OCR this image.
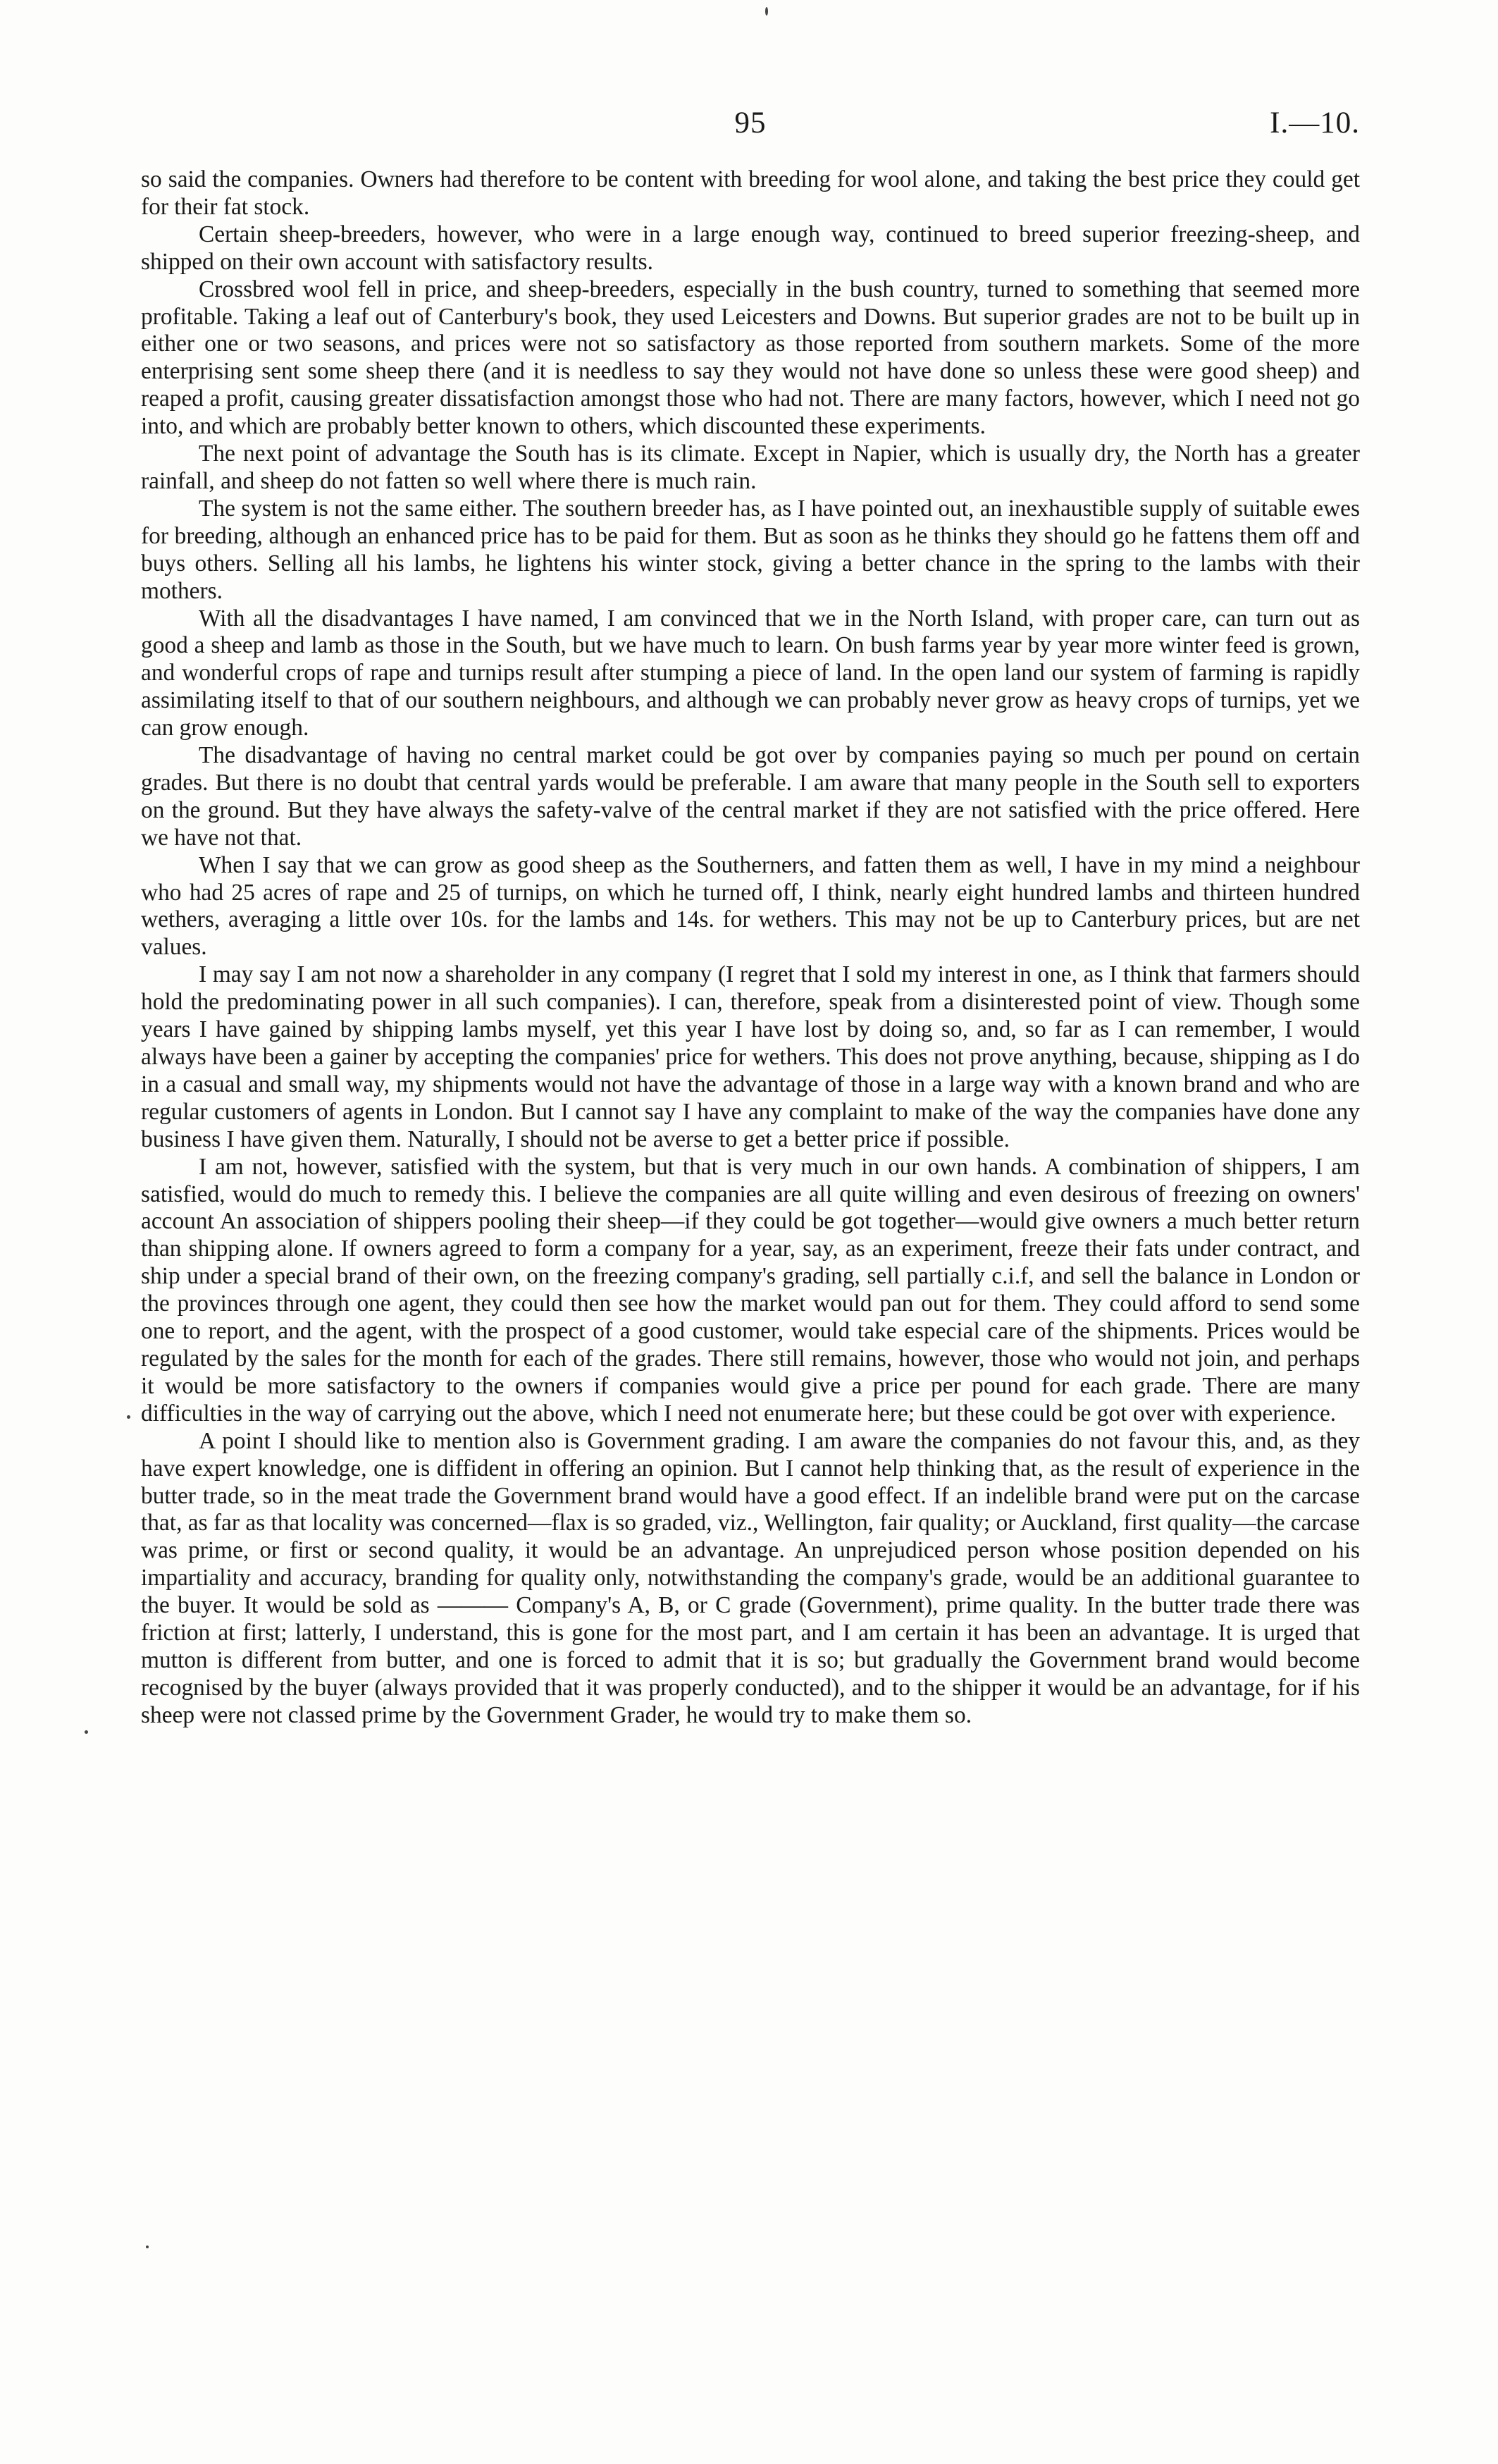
95	I.—10.

so said the companies. Owners had therefore to be content with breeding for wool alone, and taking the best price they could get for their fat stock.

Certain sheep-breeders, however, who were in a large enough way, continued to breed superior freezing-sheep, and shipped on their own account with satisfactory results.

Crossbred wool fell in price, and sheep-breeders, especially in the bush country, turned to something that seemed more profitable. Taking a leaf out of Canterbury's book, they used Leicesters and Downs. But superior grades are not to be built up in either one or two seasons, and prices were not so satisfactory as those reported from southern markets. Some of the more enterprising sent some sheep there (and it is needless to say they would not have done so unless these were good sheep) and reaped a profit, causing greater dissatisfaction amongst those who had not. There are many factors, however, which I need not go into, and which are probably better known to others, which discounted these experiments.

The next point of advantage the South has is its climate. Except in Napier, which is usually dry, the North has a greater rainfall, and sheep do not fatten so well where there is much rain.

The system is not the same either. The southern breeder has, as I have pointed out, an inexhaustible supply of suitable ewes for breeding, although an enhanced price has to be paid for them. But as soon as he thinks they should go he fattens them off and buys others. Selling all his lambs, he lightens his winter stock, giving a better chance in the spring to the lambs with their mothers.

With all the disadvantages I have named, I am convinced that we in the North Island, with proper care, can turn out as good a sheep and lamb as those in the South, but we have much to learn. On bush farms year by year more winter feed is grown, and wonderful crops of rape and turnips result after stumping a piece of land. In the open land our system of farming is rapidly assimilating itself to that of our southern neighbours, and although we can probably never grow as heavy crops of turnips, yet we can grow enough.

The disadvantage of having no central market could be got over by companies paying so much per pound on certain grades. But there is no doubt that central yards would be preferable. I am aware that many people in the South sell to exporters on the ground. But they have always the safety-valve of the central market if they are not satisfied with the price offered. Here we have not that.

When I say that we can grow as good sheep as the Southerners, and fatten them as well, I have in my mind a neighbour who had 25 acres of rape and 25 of turnips, on which he turned off, I think, nearly eight hundred lambs and thirteen hundred wethers, averaging a little over 10s. for the lambs and 14s. for wethers. This may not be up to Canterbury prices, but are net values.

I may say I am not now a shareholder in any company (I regret that I sold my interest in one, as I think that farmers should hold the predominating power in all such companies). I can, therefore, speak from a disinterested point of view. Though some years I have gained by shipping lambs myself, yet this year I have lost by doing so, and, so far as I can remember, I would always have been a gainer by accepting the companies' price for wethers. This does not prove anything, because, shipping as I do in a casual and small way, my shipments would not have the advantage of those in a large way with a known brand and who are regular customers of agents in London. But I cannot say I have any complaint to make of the way the companies have done any business I have given them. Naturally, I should not be averse to get a better price if possible.

I am not, however, satisfied with the system, but that is very much in our own hands. A combination of shippers, I am satisfied, would do much to remedy this. I believe the companies are all quite willing and even desirous of freezing on owners' account An association of shippers pooling their sheep—if they could be got together—would give owners a much better return than shipping alone. If owners agreed to form a company for a year, say, as an experiment, freeze their fats under contract, and ship under a special brand of their own, on the freezing company's grading, sell partially c.i.f, and sell the balance in London or the provinces through one agent, they could then see how the market would pan out for them. They could afford to send some one to report, and the agent, with the prospect of a good customer, would take especial care of the shipments. Prices would be regulated by the sales for the month for each of the grades. There still remains, however, those who would not join, and perhaps it would be more satisfactory to the owners if companies would give a price per pound for each grade. There are many difficulties in the way of carrying out the above, which I need not enumerate here; but these could be got over with experience.

A point I should like to mention also is Government grading. I am aware the companies do not favour this, and, as they have expert knowledge, one is diffident in offering an opinion. But I cannot help thinking that, as the result of experience in the butter trade, so in the meat trade the Government brand would have a good effect. If an indelible brand were put on the carcase that, as far as that locality was concerned—flax is so graded, viz., Wellington, fair quality; or Auckland, first quality—the carcase was prime, or first or second quality, it would be an advantage. An unprejudiced person whose position depended on his impartiality and accuracy, branding for quality only, notwithstanding the company's grade, would be an additional guarantee to the buyer. It would be sold as ——— Company's A, B, or C grade (Government), prime quality. In the butter trade there was friction at first; latterly, I understand, this is gone for the most part, and I am certain it has been an advantage. It is urged that mutton is different from butter, and one is forced to admit that it is so; but gradually the Government brand would become recognised by the buyer (always provided that it was properly conducted), and to the shipper it would be an advantage, for if his sheep were not classed prime by the Government Grader, he would try to make them so.
